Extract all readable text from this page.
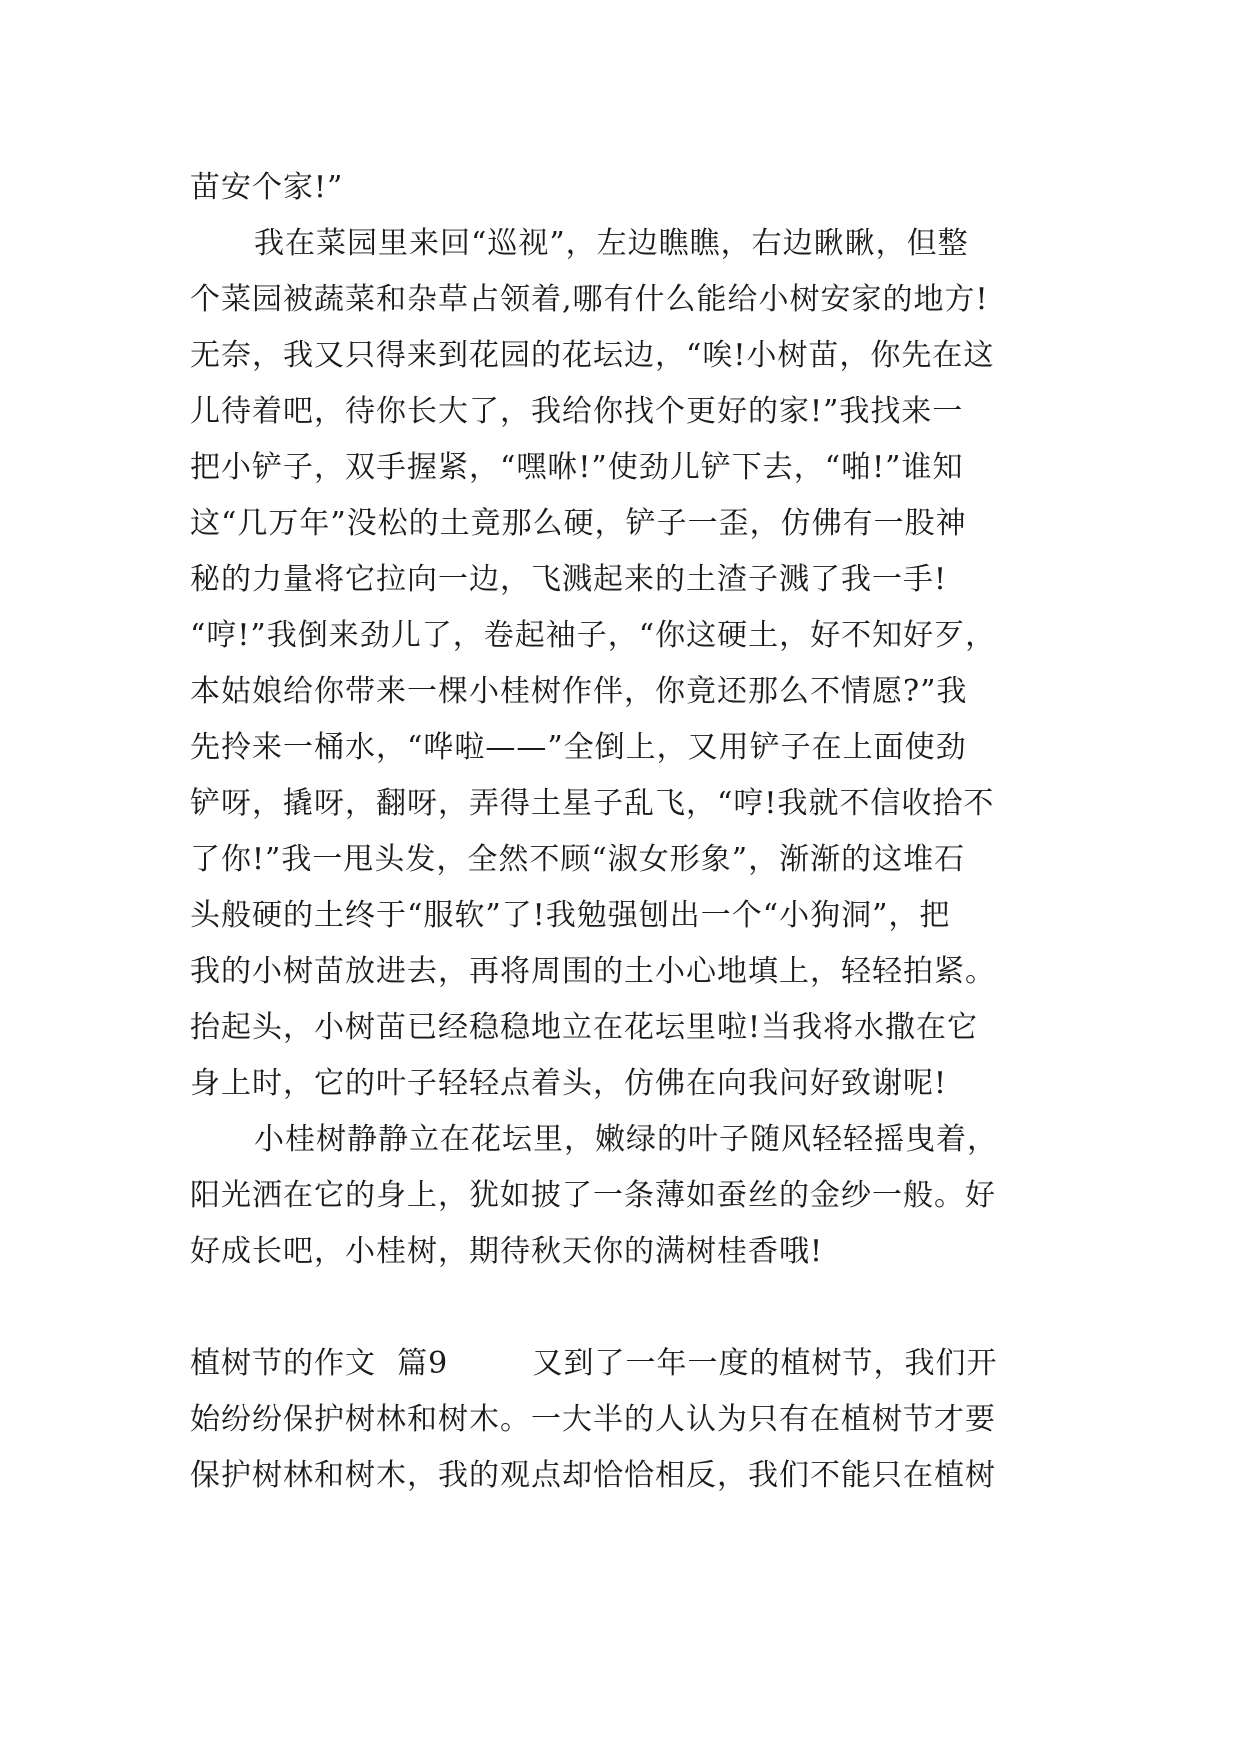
苗安个家!”
我在菜园里来回“巡视”，左边瞧瞧，右边瞅瞅，但整
个菜园被蔬菜和杂草占领着,哪有什么能给小树安家的地方!
无奈，我又只得来到花园的花坛边，“唉!小树苗，你先在这
儿待着吧，待你长大了，我给你找个更好的家!”我找来一
把小铲子，双手握紧，“嘿咻!”使劲儿铲下去，“啪!”谁知
这“几万年”没松的土竟那么硬，铲子一歪，仿佛有一股神
秘的力量将它拉向一边，飞溅起来的土渣子溅了我一手!
“哼!”我倒来劲儿了，卷起袖子，“你这硬土，好不知好歹，
本姑娘给你带来一棵小桂树作伴，你竟还那么不情愿?”我
先拎来一桶水，“哗啦——”全倒上，又用铲子在上面使劲
铲呀，撬呀，翻呀，弄得土星子乱飞，“哼!我就不信收拾不
了你!”我一甩头发，全然不顾“淑女形象”，渐渐的这堆石
头般硬的土终于“服软”了!我勉强刨出一个“小狗洞”，把
我的小树苗放进去，再将周围的土小心地填上，轻轻拍紧。
抬起头，小树苗已经稳稳地立在花坛里啦!当我将水撒在它
身上时，它的叶子轻轻点着头，仿佛在向我问好致谢呢!
小桂树静静立在花坛里，嫩绿的叶子随风轻轻摇曳着，
阳光洒在它的身上，犹如披了一条薄如蚕丝的金纱一般。好
好成长吧，小桂树，期待秋天你的满树桂香哦!
植树节的作文  篇9        又到了一年一度的植树节，我们开
始纷纷保护树林和树木。一大半的人认为只有在植树节才要
保护树林和树木，我的观点却恰恰相反，我们不能只在植树
